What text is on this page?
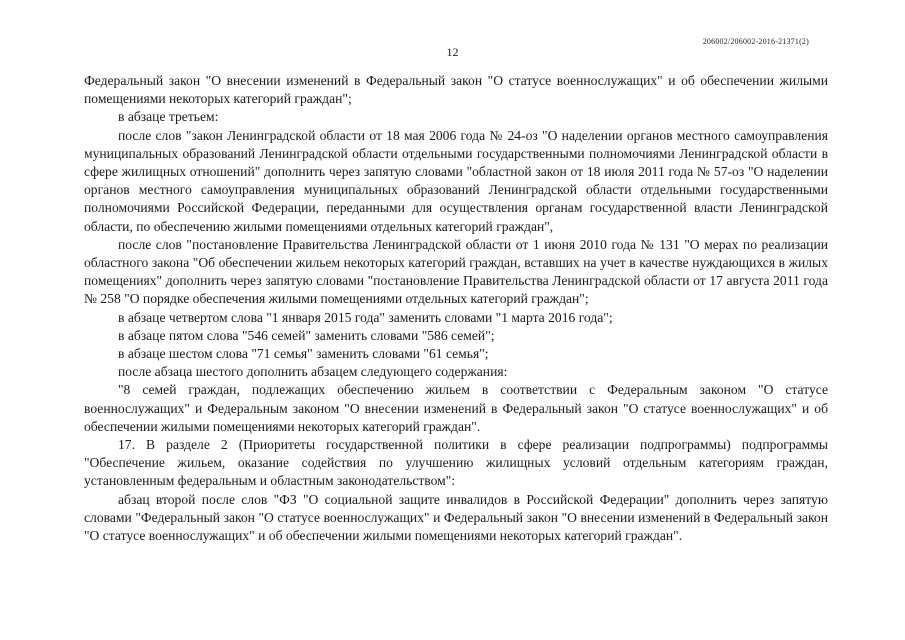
206002/206002-2016-21371(2)
12

Федеральный закон "О внесении изменений в Федеральный закон "О статусе военнослужащих" и об обеспечении жилыми помещениями некоторых категорий граждан";

в абзаце третьем:

после слов "закон Ленинградской области от 18 мая 2006 года № 24-оз "О наделении органов местного самоуправления муниципальных образований Ленинградской области отдельными государственными полномочиями Ленинградской области в сфере жилищных отношений" дополнить через запятую словами "областной закон от 18 июля 2011 года № 57-оз "О наделении органов местного самоуправления муниципальных образований Ленинградской области отдельными государственными полномочиями Российской Федерации, переданными для осуществления органам государственной власти Ленинградской области, по обеспечению жилыми помещениями отдельных категорий граждан",

после слов "постановление Правительства Ленинградской области от 1 июня 2010 года № 131 "О мерах по реализации областного закона "Об обеспечении жильем некоторых категорий граждан, вставших на учет в качестве нуждающихся в жилых помещениях" дополнить через запятую словами "постановление Правительства Ленинградской области от 17 августа 2011 года № 258 "О порядке обеспечения жилыми помещениями отдельных категорий граждан";

в абзаце четвертом слова "1 января 2015 года" заменить словами "1 марта 2016 года";

в абзаце пятом слова "546 семей" заменить словами "586 семей";

в абзаце шестом слова "71 семья" заменить словами "61 семья";

после абзаца шестого дополнить абзацем следующего содержания:

"8 семей граждан, подлежащих обеспечению жильем в соответствии с Федеральным законом "О статусе военнослужащих" и Федеральным законом "О внесении изменений в Федеральный закон "О статусе военнослужащих" и об обеспечении жилыми помещениями некоторых категорий граждан".

17. В разделе 2 (Приоритеты государственной политики в сфере реализации подпрограммы) подпрограммы "Обеспечение жильем, оказание содействия по улучшению жилищных условий отдельным категориям граждан, установленным федеральным и областным законодательством":

абзац второй после слов "ФЗ "О социальной защите инвалидов в Российской Федерации" дополнить через запятую словами "Федеральный закон "О статусе военнослужащих" и Федеральный закон "О внесении изменений в Федеральный закон "О статусе военнослужащих" и об обеспечении жилыми помещениями некоторых категорий граждан".
